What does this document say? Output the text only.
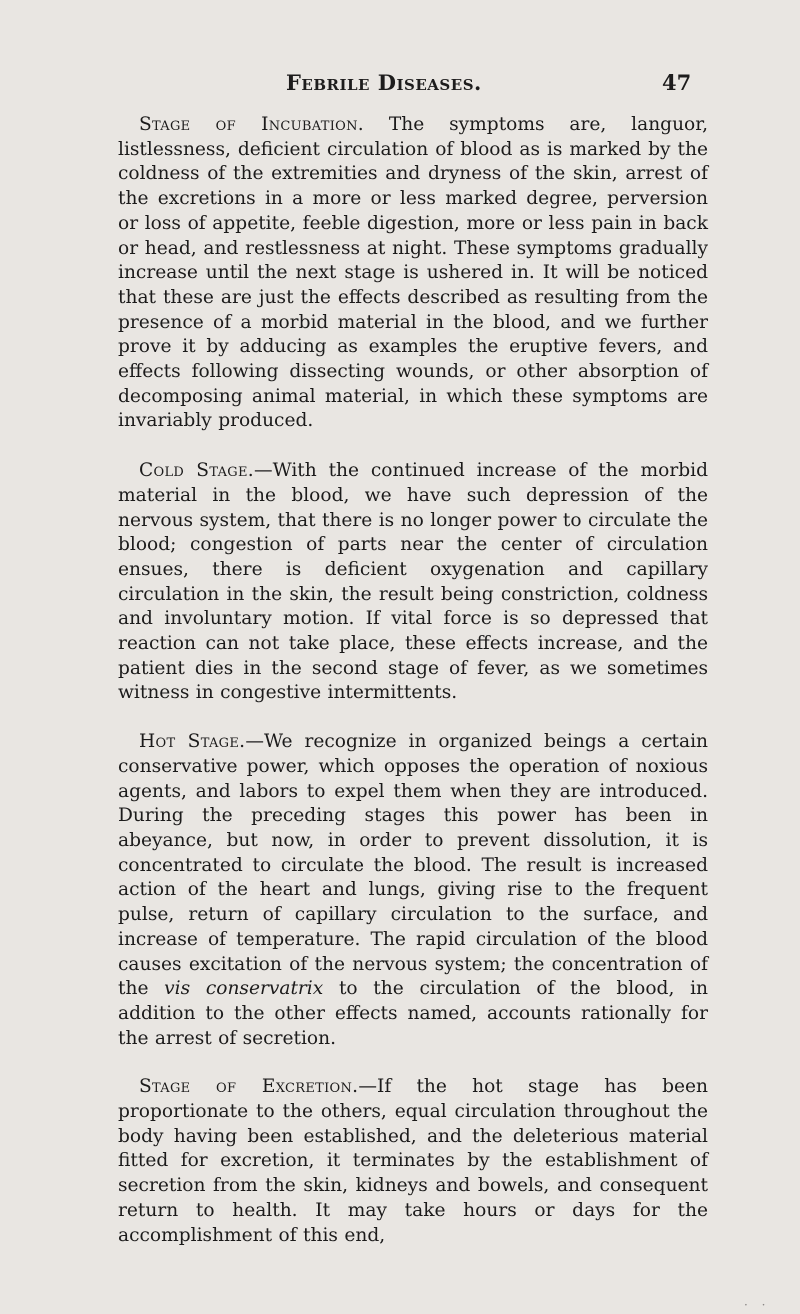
Febrile Diseases.	47

Stage of Incubation. The symptoms are, languor, listlessness, deficient circulation of blood as is marked by the coldness of the extremities and dryness of the skin, arrest of the excretions in a more or less marked degree, perversion or loss of appetite, feeble digestion, more or less pain in back or head, and restlessness at night. These symptoms gradually increase until the next stage is ushered in. It will be noticed that these are just the effects described as resulting from the presence of a morbid material in the blood, and we further prove it by adducing as examples the eruptive fevers, and effects following dissecting wounds, or other absorption of decomposing animal material, in which these symptoms are invariably produced.

Cold Stage.—With the continued increase of the morbid material in the blood, we have such depression of the nervous system, that there is no longer power to circulate the blood; congestion of parts near the center of circulation ensues, there is deficient oxygenation and capillary circulation in the skin, the result being constriction, coldness and involuntary motion. If vital force is so depressed that reaction can not take place, these effects increase, and the patient dies in the second stage of fever, as we sometimes witness in congestive intermittents.

Hot Stage.—We recognize in organized beings a certain conservative power, which opposes the operation of noxious agents, and labors to expel them when they are introduced. During the preceding stages this power has been in abeyance, but now, in order to prevent dissolution, it is concentrated to circulate the blood. The result is increased action of the heart and lungs, giving rise to the frequent pulse, return of capillary circulation to the surface, and increase of temperature. The rapid circulation of the blood causes excitation of the nervous system; the concentration of the vis conservatrix to the circulation of the blood, in addition to the other effects named, accounts rationally for the arrest of secretion.

Stage of Excretion.—If the hot stage has been proportionate to the others, equal circulation throughout the body having been established, and the deleterious material fitted for excretion, it terminates by the establishment of secretion from the skin, kidneys and bowels, and consequent return to health. It may take hours or days for the accomplishment of this end,

· ·
